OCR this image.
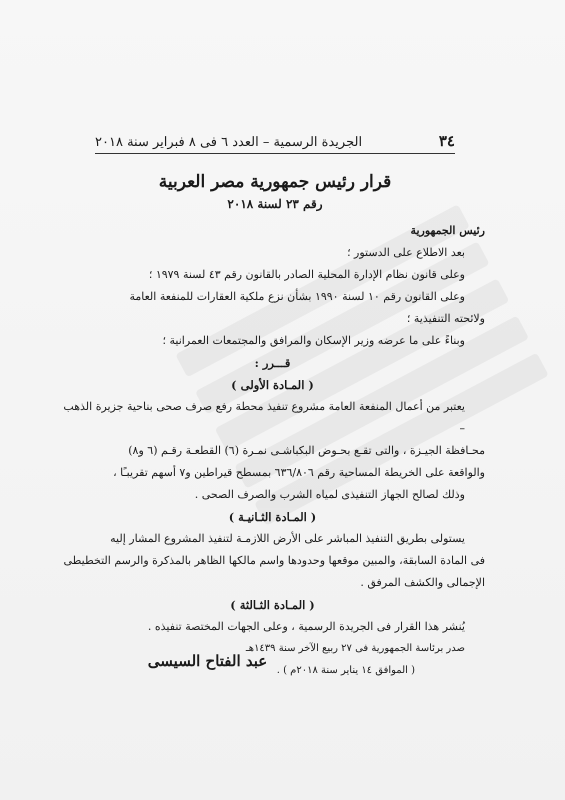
٣٤
الجريدة الرسمية – العدد ٦ فى ٨ فبراير سنة ٢٠١٨
قرار رئيس جمهورية مصر العربية
رقم ٢٣ لسنة ٢٠١٨

رئيس الجمهورية

بعد الاطلاع على الدستور ؛

وعلى قانون نظام الإدارة المحلية الصادر بالقانون رقم ٤٣ لسنة ١٩٧٩ ؛

وعلى القانون رقم ١٠ لسنة ١٩٩٠ بشأن نزع ملكية العقارات للمنفعة العامة

ولائحته التنفيذية ؛

وبناءً على ما عرضه وزير الإسكان والمرافق والمجتمعات العمرانية ؛

قـــرر :

( المـادة الأولى )

يعتبر من أعمال المنفعة العامة مشروع تنفيذ محطة رفع صرف صحى بناحية جزيرة الذهب –

محـافظة الجيـزة ، والتى تقـع بحـوض البكباشـى نمـرة (٦) القطعـة رقـم (٦ و٨)

والواقعة على الخريطة المساحية رقم ٦٣٦/٨٠٦ بمسطح قيراطين و٧ أسهم تقريبـًا ،

وذلك لصالح الجهاز التنفيذى لمياه الشرب والصرف الصحى .

( المـادة الثـانيـة )

يستولى بطريق التنفيذ المباشر على الأرض اللازمـة لتنفيذ المشروع المشار إليه

فى المادة السابقة، والمبين موقعها وحدودها واسم مالكها الظاهر بالمذكرة والرسم التخطيطى

الإجمالى والكشف المرفق .

( المـادة الثـالثة )

يُنشر هذا القرار فى الجريدة الرسمية ، وعلى الجهات المختصة تنفيذه .

صدر برئاسة الجمهورية فى ٢٧ ربيع الآخر سنة ١٤٣٩هـ

( الموافق ١٤ يناير سنة ٢٠١٨م ) .

عبد الفتاح السيسى
